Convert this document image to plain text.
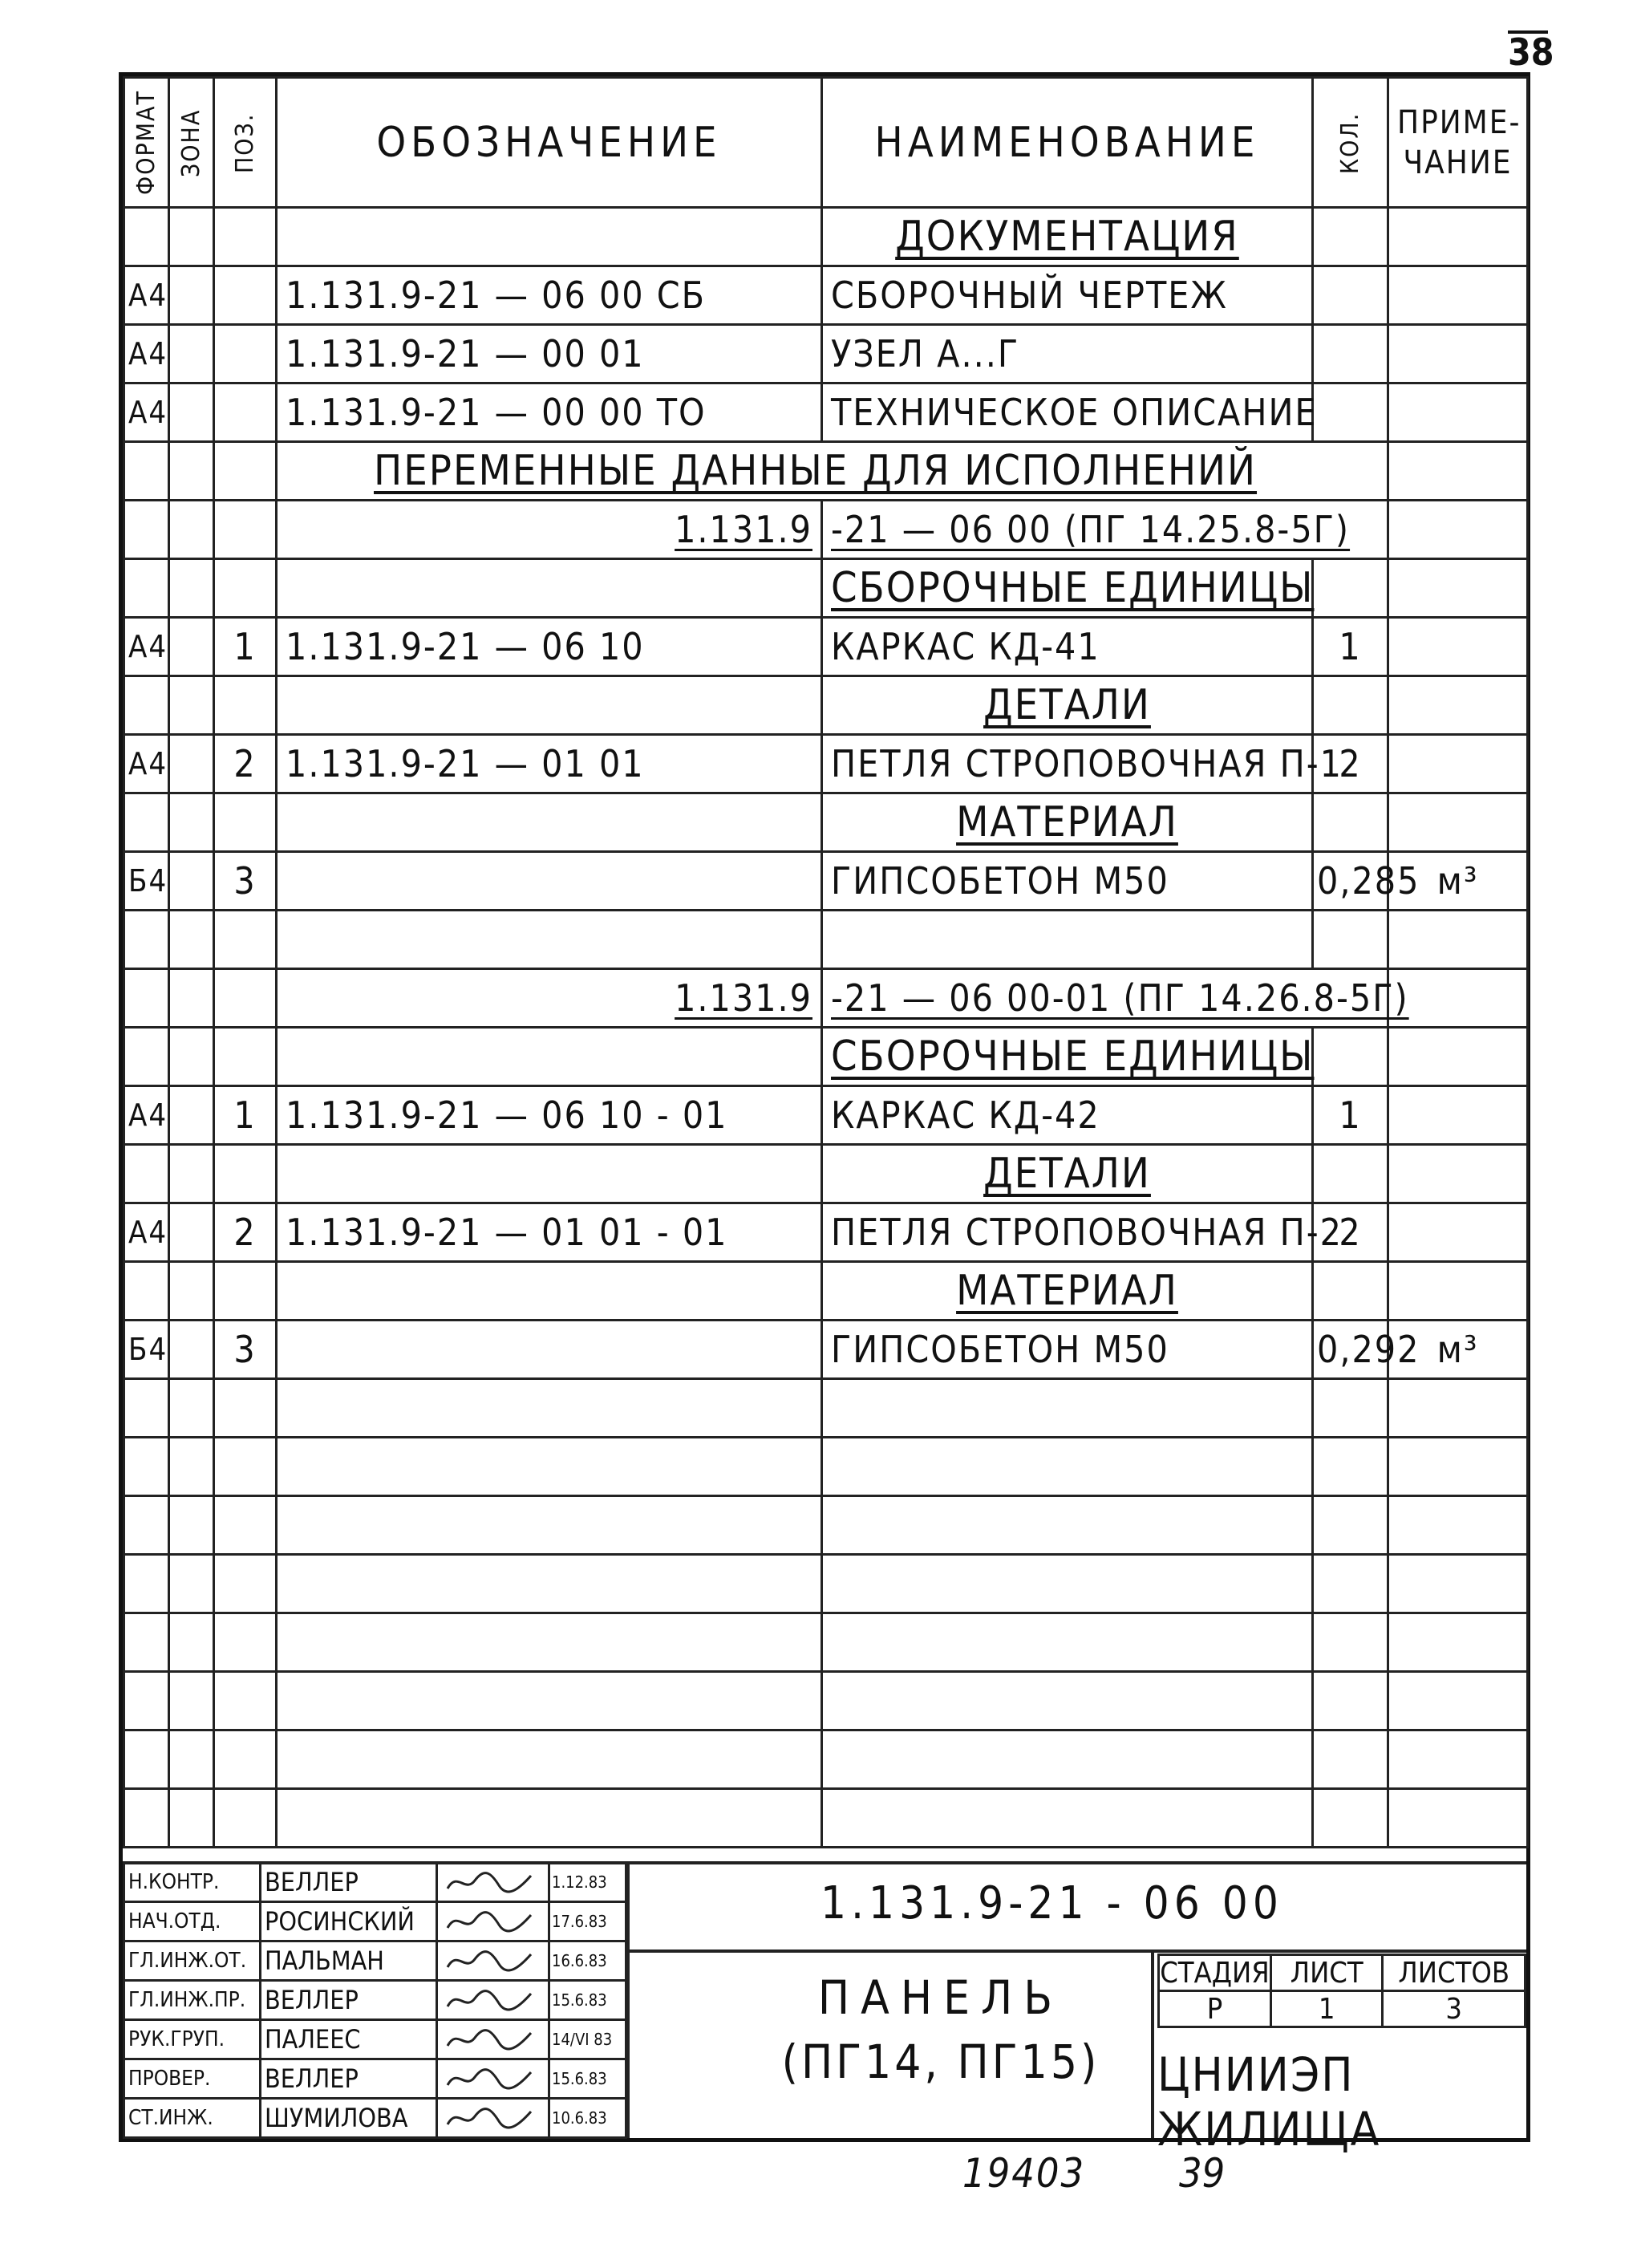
38
ФОРМАТ	ЗОНА	ПОЗ.	ОБОЗНАЧЕНИЕ	НАИМЕНОВАНИЕ	КОЛ.	ПРИМЕ-ЧАНИЕ
				ДОКУМЕНТАЦИЯ		
А4			1.131.9-21 — 06 00 СБ	СБОРОЧНЫЙ ЧЕРТЕЖ		
А4			1.131.9-21 — 00 01	УЗЕЛ А...Г		
А4			1.131.9-21 — 00 00 ТО	ТЕХНИЧЕСКОЕ ОПИСАНИЕ		
			ПЕРЕМЕННЫЕ ДАННЫЕ ДЛЯ ИСПОЛНЕНИЙ			
			1.131.9	-21 — 06 00 (ПГ 14.25.8-5Г)		
				СБОРОЧНЫЕ ЕДИНИЦЫ		
А4		1	1.131.9-21 — 06 10	КАРКАС КД-41	1	
				ДЕТАЛИ		
А4		2	1.131.9-21 — 01 01	ПЕТЛЯ СТРОПОВОЧНАЯ П-1	2	
				МАТЕРИАЛ		
Б4		3		ГИПСОБЕТОН М50	0,285	м³

			1.131.9	-21 — 06 00-01 (ПГ 14.26.8-5Г)		
				СБОРОЧНЫЕ ЕДИНИЦЫ		
А4		1	1.131.9-21 — 06 10 - 01	КАРКАС КД-42	1	
				ДЕТАЛИ		
А4		2	1.131.9-21 — 01 01 - 01	ПЕТЛЯ СТРОПОВОЧНАЯ П-2	2	
				МАТЕРИАЛ		
Б4		3		ГИПСОБЕТОН М50	0,292	м³

Н.КОНТР.	ВЕЛЛЕР		1.12.83
НАЧ.ОТД.	РОСИНСКИЙ		17.6.83
ГЛ.ИНЖ.ОТ.	ПАЛЬМАН		16.6.83
ГЛ.ИНЖ.ПР.	ВЕЛЛЕР		15.6.83
РУК.ГРУП.	ПАЛЕЕС		14/VI 83
ПРОВЕР.	ВЕЛЛЕР		15.6.83
СТ.ИНЖ.	ШУМИЛОВА		10.6.83
1.131.9-21 - 06 00
ПАНЕЛЬ
(ПГ14, ПГ15)
СТАДИЯ	ЛИСТ	ЛИСТОВ
Р	1	3
ЦНИИЭП ЖИЛИЩА
19403 39
